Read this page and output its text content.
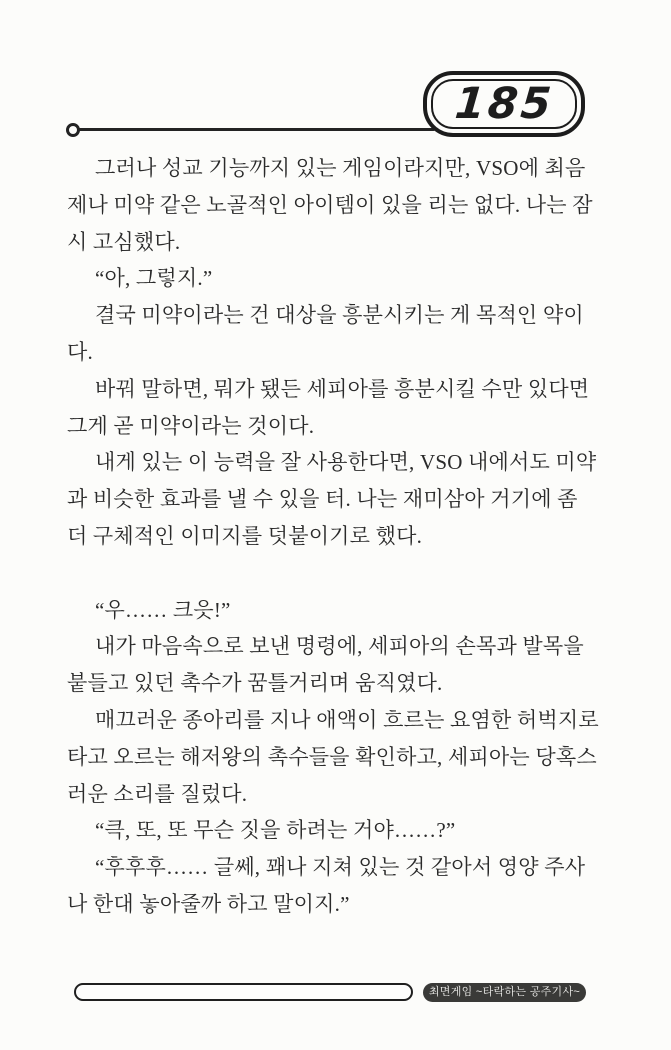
185
그러나 성교 기능까지 있는 게임이라지만, VSO에 최음
제나 미약 같은 노골적인 아이템이 있을 리는 없다. 나는 잠
시 고심했다.
“아, 그렇지.”
결국 미약이라는 건 대상을 흥분시키는 게 목적인 약이
다.
바꿔 말하면, 뭐가 됐든 세피아를 흥분시킬 수만 있다면
그게 곧 미약이라는 것이다.
내게 있는 이 능력을 잘 사용한다면, VSO 내에서도 미약
과 비슷한 효과를 낼 수 있을 터. 나는 재미삼아 거기에 좀
더 구체적인 이미지를 덧붙이기로 했다.
“우…… 크읏!”
내가 마음속으로 보낸 명령에, 세피아의 손목과 발목을
붙들고 있던 촉수가 꿈틀거리며 움직였다.
매끄러운 종아리를 지나 애액이 흐르는 요염한 허벅지로
타고 오르는 해저왕의 촉수들을 확인하고, 세피아는 당혹스
러운 소리를 질렀다.
“큭, 또, 또 무슨 짓을 하려는 거야……?”
“후후후…… 글쎄, 꽤나 지쳐 있는 것 같아서 영양 주사
나 한대 놓아줄까 하고 말이지.”
최면게임 ~타락하는 공주기사~
